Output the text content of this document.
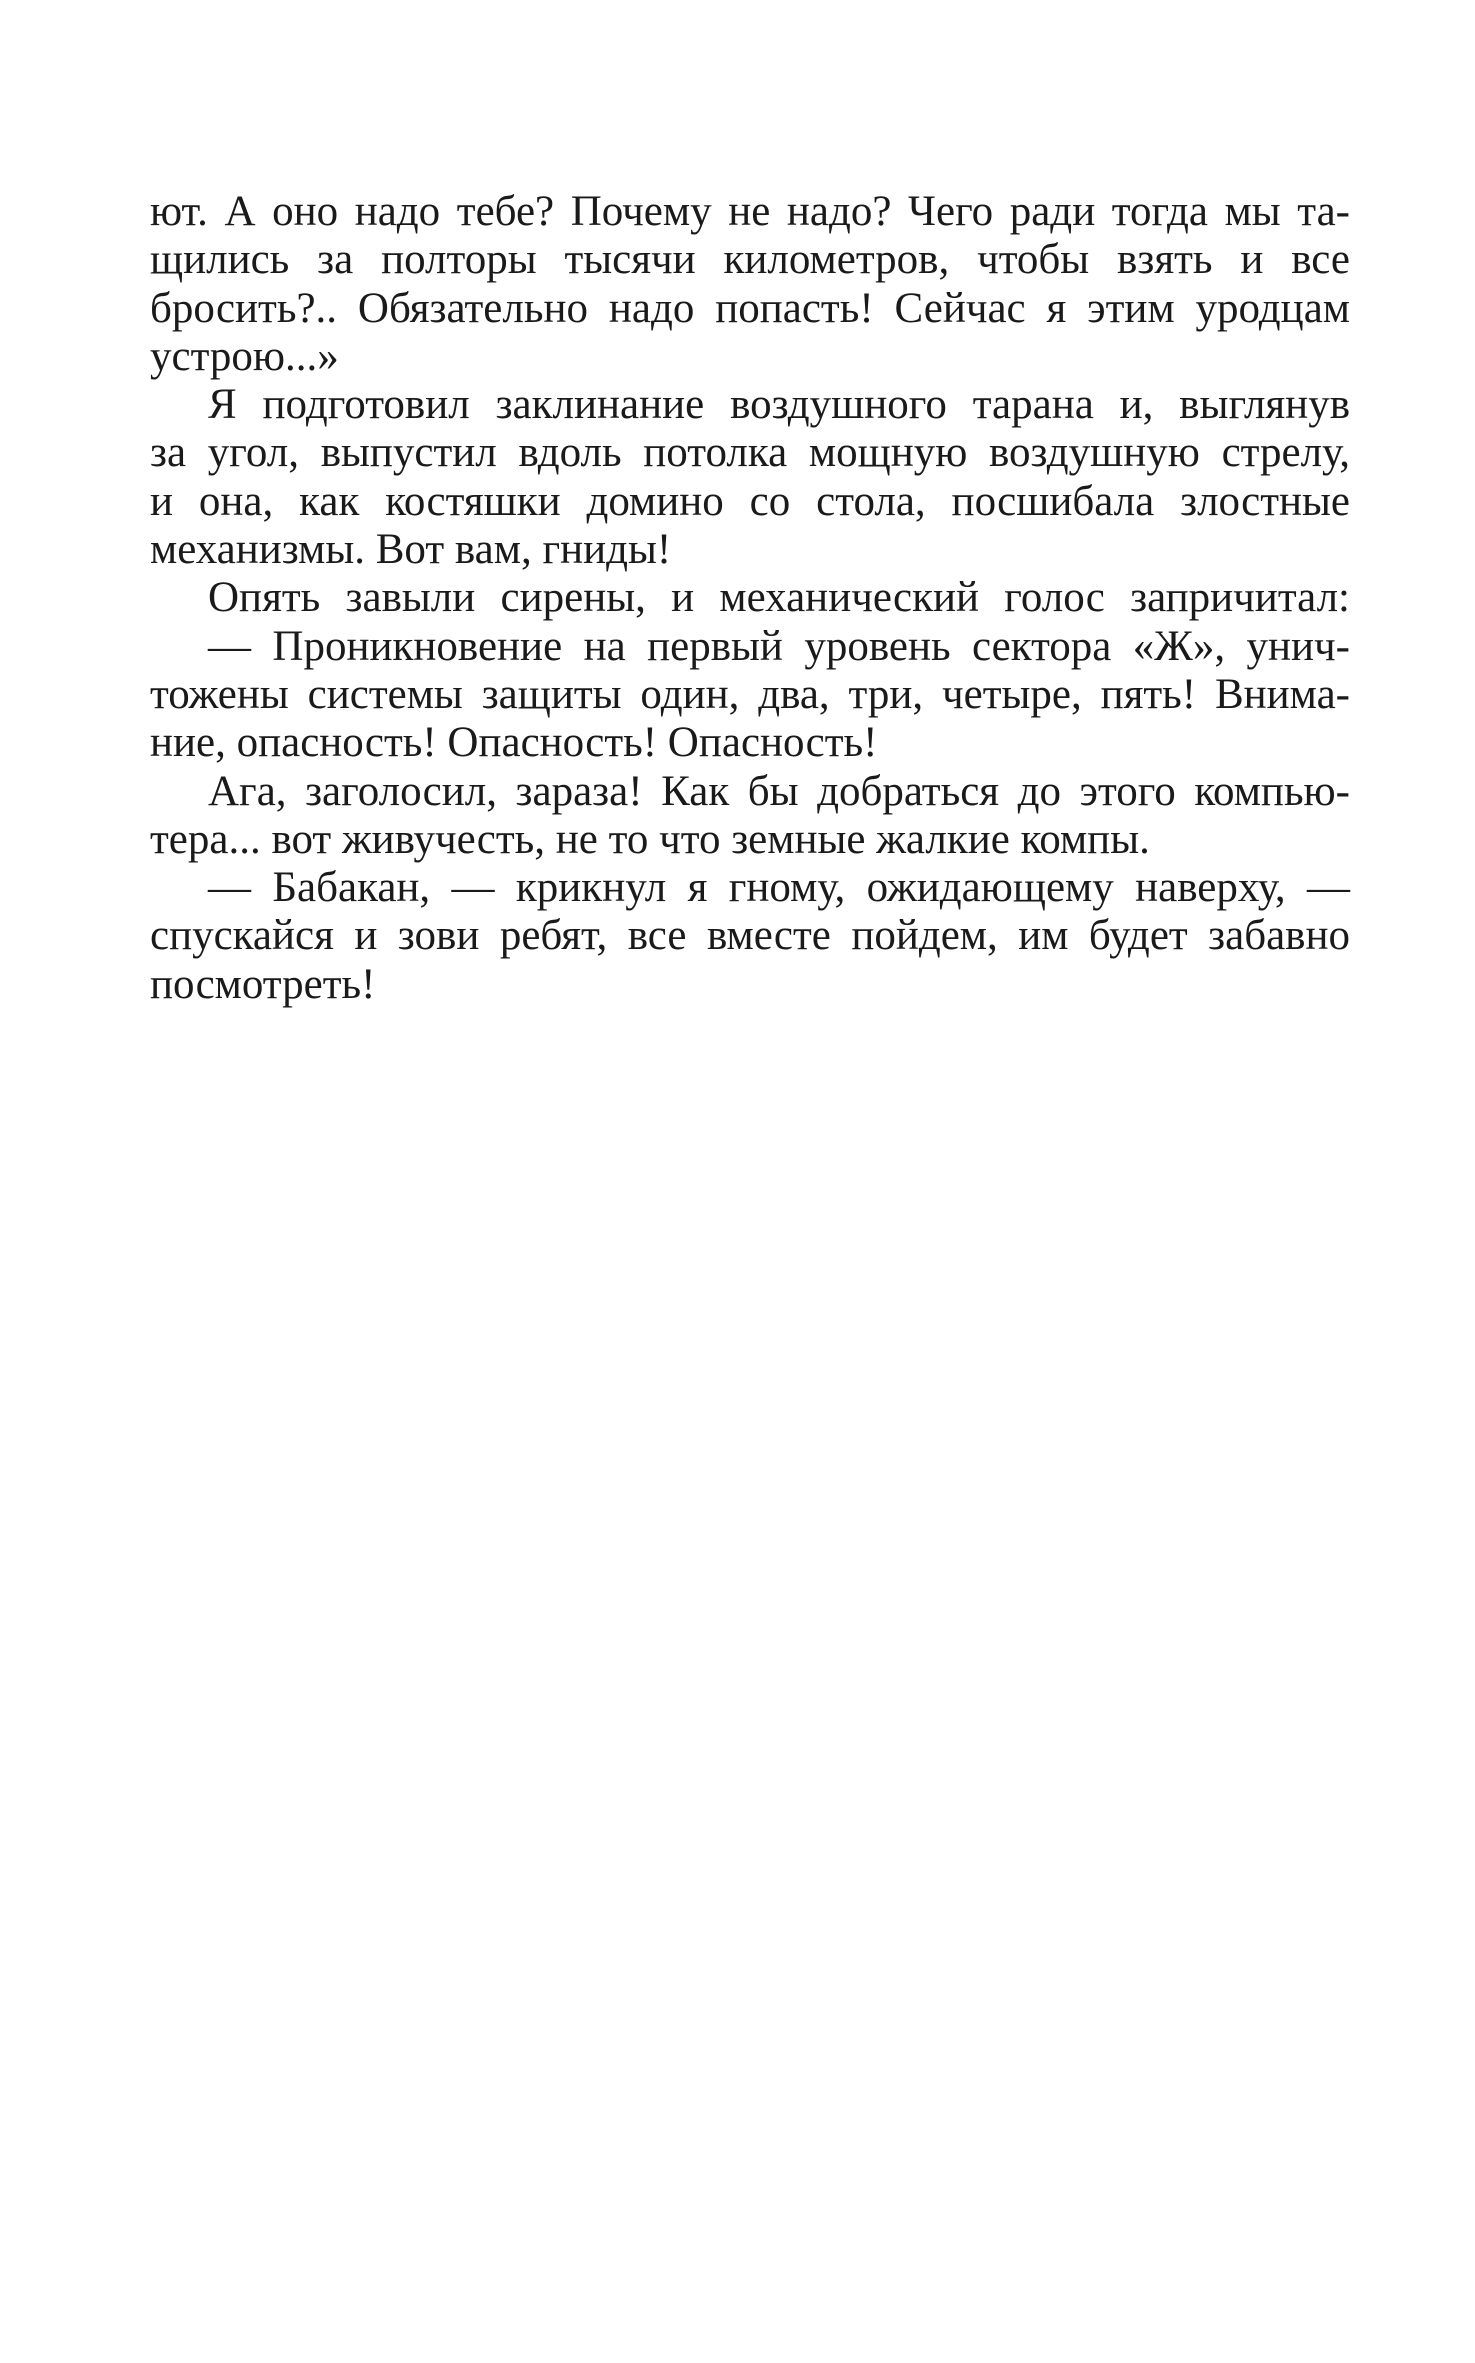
ют. А оно надо тебе? Почему не надо? Чего ради тогда мы та-
щились за полторы тысячи километров, чтобы взять и все
бросить?.. Обязательно надо попасть! Сейчас я этим уродцам
устрою...»
Я подготовил заклинание воздушного тарана и, выглянув
за угол, выпустил вдоль потолка мощную воздушную стрелу,
и она, как костяшки домино со стола, посшибала злостные
механизмы. Вот вам, гниды!
Опять завыли сирены, и механический голос запричитал:
— Проникновение на первый уровень сектора «Ж», унич-
тожены системы защиты один, два, три, четыре, пять! Внима-
ние, опасность! Опасность! Опасность!
Ага, заголосил, зараза! Как бы добраться до этого компью-
тера... вот живучесть, не то что земные жалкие компы.
— Бабакан, — крикнул я гному, ожидающему наверху, —
спускайся и зови ребят, все вместе пойдем, им будет забавно
посмотреть!
